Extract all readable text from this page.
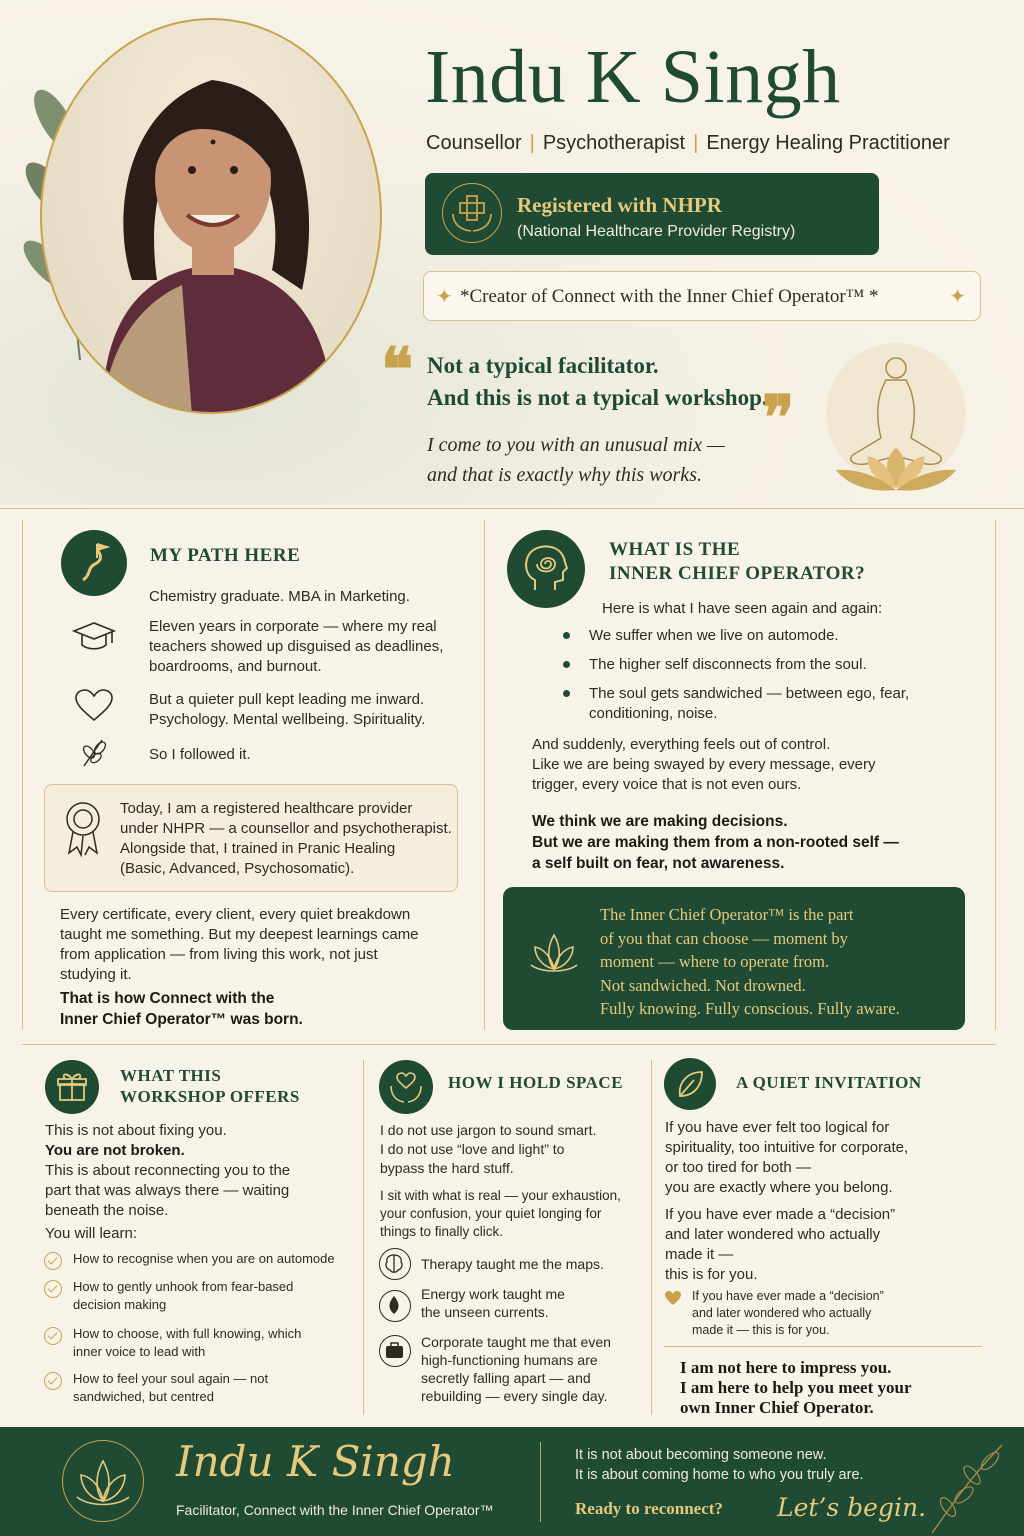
Indu K Singh
Counsellor | Psychotherapist | Energy Healing Practitioner
Registered with NHPR
(National Healthcare Provider Registry)
✦ *Creator of Connect with the Inner Chief Operator™ *	✦
❝ Not a typical facilitator.
And this is not a typical workshop.
❞
I come to you with an unusual mix —
and that is exactly why this works.
MY PATH HERE
Chemistry graduate. MBA in Marketing.
Eleven years in corporate — where my real
teachers showed up disguised as deadlines,
boardrooms, and burnout.
But a quieter pull kept leading me inward.
Psychology. Mental wellbeing. Spirituality.
So I followed it.
Today, I am a registered healthcare provider
under NHPR — a counsellor and psychotherapist.
Alongside that, I trained in Pranic Healing
(Basic, Advanced, Psychosomatic).
Every certificate, every client, every quiet breakdown
taught me something. But my deepest learnings came
from application — from living this work, not just
studying it.
That is how Connect with the
Inner Chief Operator™ was born.
WHAT IS THE
INNER CHIEF OPERATOR?
Here is what I have seen again and again:
We suffer when we live on automode.
The higher self disconnects from the soul.
The soul gets sandwiched — between ego, fear,
conditioning, noise.
And suddenly, everything feels out of control.
Like we are being swayed by every message, every
trigger, every voice that is not even ours.
We think we are making decisions.
But we are making them from a non-rooted self —
a self built on fear, not awareness.
The Inner Chief Operator™ is the part
of you that can choose — moment by
moment — where to operate from.
Not sandwiched. Not drowned.
Fully knowing. Fully conscious. Fully aware.
WHAT THIS
WORKSHOP OFFERS
This is not about fixing you.
You are not broken.
This is about reconnecting you to the
part that was always there — waiting
beneath the noise.
You will learn:
How to recognise when you are on automode
How to gently unhook from fear-based
decision making
How to choose, with full knowing, which
inner voice to lead with
How to feel your soul again — not
sandwiched, but centred
HOW I HOLD SPACE
I do not use jargon to sound smart.
I do not use “love and light” to
bypass the hard stuff.
I sit with what is real — your exhaustion,
your confusion, your quiet longing for
things to finally click.
Therapy taught me the maps.
Energy work taught me
the unseen currents.
Corporate taught me that even
high-functioning humans are
secretly falling apart — and
rebuilding — every single day.
A QUIET INVITATION
If you have ever felt too logical for
spirituality, too intuitive for corporate,
or too tired for both —
you are exactly where you belong.
If you have ever made a “decision”
and later wondered who actually
made it —
this is for you.
If you have ever made a “decision”
and later wondered who actually
made it — this is for you.
I am not here to impress you.
I am here to help you meet your
own Inner Chief Operator.
Indu K Singh
Facilitator, Connect with the Inner Chief Operator™
It is not about becoming someone new.
It is about coming home to who you truly are.
Ready to reconnect? Let’s begin.
